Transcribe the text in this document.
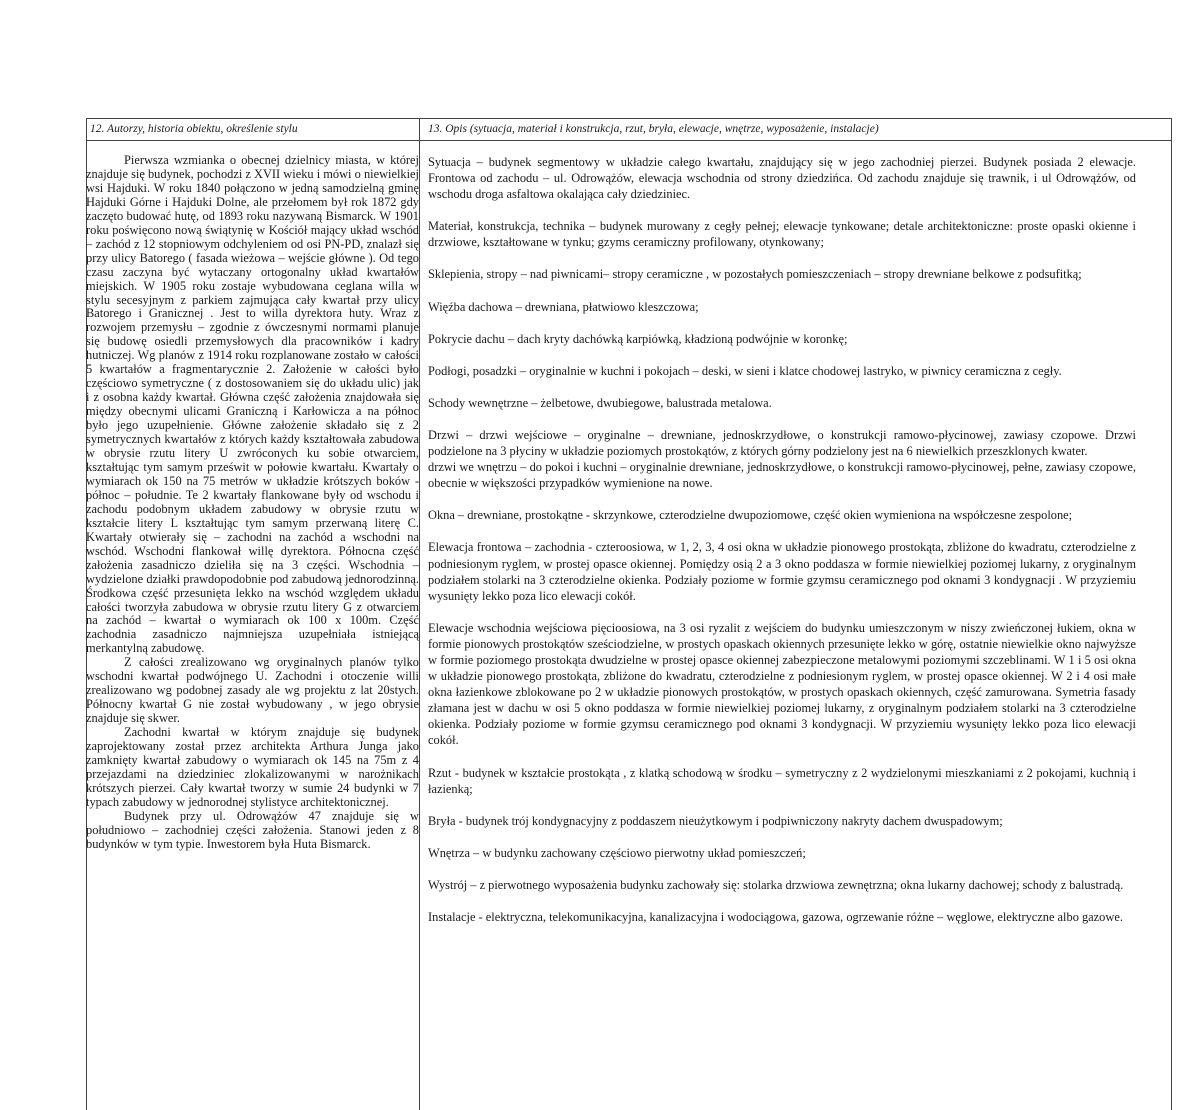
12. Autorzy, historia obiektu, określenie stylu	13. Opis (sytuacja, materiał i konstrukcja, rzut, bryła, elewacje, wnętrze, wyposażenie, instalacje)

Pierwsza wzmianka o obecnej dzielnicy miasta, w której znajduje się budynek, pochodzi z XVII wieku i mówi o niewielkiej wsi Hajduki. W roku 1840 połączono w jedną samodzielną gminę Hajduki Górne i Hajduki Dolne, ale przełomem był rok 1872 gdy zaczęto budować hutę, od 1893 roku nazywaną Bismarck. W 1901 roku poświęcono nową świątynię w Kościół mający układ wschód – zachód z 12 stopniowym odchyleniem od osi PN-PD, znalazł się przy ulicy Batorego ( fasada wieżowa – wejście główne ). Od tego czasu zaczyna być wytaczany ortogonalny układ kwartałów miejskich. W 1905 roku zostaje wybudowana ceglana willa w stylu secesyjnym z parkiem zajmująca cały kwartał przy ulicy Batorego i Granicznej . Jest to willa dyrektora huty. Wraz z rozwojem przemysłu – zgodnie z ówczesnymi normami planuje się budowę osiedli przemysłowych dla pracowników i kadry hutniczej. Wg planów z 1914 roku rozplanowane zostało w całości 5 kwartałów a fragmentarycznie 2. Założenie w całości było częściowo symetryczne ( z dostosowaniem się do układu ulic) jak i z osobna każdy kwartał. Główna część założenia znajdowała się między obecnymi ulicami Graniczną i Karłowicza a na północ było jego uzupełnienie. Główne założenie składało się z 2 symetrycznych kwartałów z których każdy kształtowała zabudowa w obrysie rzutu litery U zwróconych ku sobie otwarciem, kształtując tym samym prześwit w połowie kwartału. Kwartały o wymiarach ok 150 na 75 metrów w układzie krótszych boków - północ – południe. Te 2 kwartały flankowane były od wschodu i zachodu podobnym układem zabudowy w obrysie rzutu w kształcie litery L kształtując tym samym przerwaną literę C. Kwartały otwierały się – zachodni na zachód a wschodni na wschód. Wschodni flankował willę dyrektora. Północna część założenia zasadniczo dzieliła się na 3 części. Wschodnia – wydzielone działki prawdopodobnie pod zabudową jednorodzinną. Środkowa część przesunięta lekko na wschód względem układu całości tworzyła zabudowa w obrysie rzutu litery G z otwarciem na zachód – kwartał o wymiarach ok 100 x 100m. Część zachodnia zasadniczo najmniejsza uzupełniała istniejącą merkantylną zabudowę.

Z całości zrealizowano wg oryginalnych planów tylko wschodni kwartał podwójnego U. Zachodni i otoczenie willi zrealizowano wg podobnej zasady ale wg projektu z lat 20stych. Północny kwartał G nie został wybudowany , w jego obrysie znajduje się skwer.

Zachodni kwartał w którym znajduje się budynek zaprojektowany został przez architekta Arthura Junga jako zamknięty kwartał zabudowy o wymiarach ok 145 na 75m z 4 przejazdami na dziedziniec zlokalizowanymi w narożnikach krótszych pierzei. Cały kwartał tworzy w sumie 24 budynki w 7 typach zabudowy w jednorodnej stylistyce architektonicznej.

Budynek przy ul. Odrowążów 47 znajduje się w południowo – zachodniej części założenia. Stanowi jeden z 8 budynków w tym typie. Inwestorem była Huta Bismarck.

Sytuacja – budynek segmentowy w układzie całego kwartału, znajdujący się w jego zachodniej pierzei. Budynek posiada 2 elewacje. Frontowa od zachodu – ul. Odrowążów, elewacja wschodnia od strony dziedzińca. Od zachodu znajduje się trawnik, i ul Odrowążów, od wschodu droga asfaltowa okalająca cały dziedziniec.

Materiał, konstrukcja, technika – budynek murowany z cegły pełnej; elewacje tynkowane; detale architektoniczne: proste opaski okienne i drzwiowe, kształtowane w tynku; gzyms ceramiczny profilowany, otynkowany;

Sklepienia, stropy – nad piwnicami– stropy ceramiczne , w pozostałych pomieszczeniach – stropy drewniane belkowe z podsufitką;

Więźba dachowa – drewniana, płatwiowo kleszczowa;

Pokrycie dachu – dach kryty dachówką karpiówką, kładzioną podwójnie w koronkę;

Podłogi, posadzki – oryginalnie w kuchni i pokojach – deski, w sieni i klatce chodowej lastryko, w piwnicy ceramiczna z cegły.

Schody wewnętrzne – żelbetowe, dwubiegowe, balustrada metalowa.

Drzwi – drzwi wejściowe – oryginalne – drewniane, jednoskrzydłowe, o konstrukcji ramowo-płycinowej, zawiasy czopowe. Drzwi podzielone na 3 płyciny w układzie poziomych prostokątów, z których górny podzielony jest na 6 niewielkich przeszklonych kwater.

drzwi we wnętrzu – do pokoi i kuchni – oryginalnie drewniane, jednoskrzydłowe, o konstrukcji ramowo-płycinowej, pełne, zawiasy czopowe, obecnie w większości przypadków wymienione na nowe.

Okna – drewniane, prostokątne - skrzynkowe, czterodzielne dwupoziomowe, część okien wymieniona na współczesne zespolone;

Elewacja frontowa – zachodnia - czteroosiowa, w 1, 2, 3, 4 osi okna w układzie pionowego prostokąta, zbliżone do kwadratu, czterodzielne z podniesionym ryglem, w prostej opasce okiennej. Pomiędzy osią 2 a 3 okno poddasza w formie niewielkiej poziomej lukarny, z oryginalnym podziałem stolarki na 3 czterodzielne okienka. Podziały poziome w formie gzymsu ceramicznego pod oknami 3 kondygnacji . W przyziemiu wysunięty lekko poza lico elewacji cokół.

Elewacje wschodnia wejściowa pięcioosiowa, na 3 osi ryzalit z wejściem do budynku umieszczonym w niszy zwieńczonej łukiem, okna w formie pionowych prostokątów sześciodzielne, w prostych opaskach okiennych przesunięte lekko w górę, ostatnie niewielkie okno najwyższe w formie poziomego prostokąta dwudzielne w prostej opasce okiennej zabezpieczone metalowymi poziomymi szczeblinami. W 1 i 5 osi okna w układzie pionowego prostokąta, zbliżone do kwadratu, czterodzielne z podniesionym ryglem, w prostej opasce okiennej. W 2 i 4 osi małe okna łazienkowe zblokowane po 2 w układzie pionowych prostokątów, w prostych opaskach okiennych, część zamurowana. Symetria fasady złamana jest w dachu w osi 5 okno poddasza w formie niewielkiej poziomej lukarny, z oryginalnym podziałem stolarki na 3 czterodzielne okienka. Podziały poziome w formie gzymsu ceramicznego pod oknami 3 kondygnacji. W przyziemiu wysunięty lekko poza lico elewacji cokół.

Rzut - budynek w kształcie prostokąta , z klatką schodową w środku – symetryczny z 2 wydzielonymi mieszkaniami z 2 pokojami, kuchnią i łazienką;

Bryła - budynek trój kondygnacyjny z poddaszem nieużytkowym i podpiwniczony nakryty dachem dwuspadowym;

Wnętrza – w budynku zachowany częściowo pierwotny układ pomieszczeń;

Wystrój – z pierwotnego wyposażenia budynku zachowały się: stolarka drzwiowa zewnętrzna; okna lukarny dachowej; schody z balustradą.

Instalacje - elektryczna, telekomunikacyjna, kanalizacyjna i wodociągowa, gazowa, ogrzewanie różne – węglowe, elektryczne albo gazowe.
